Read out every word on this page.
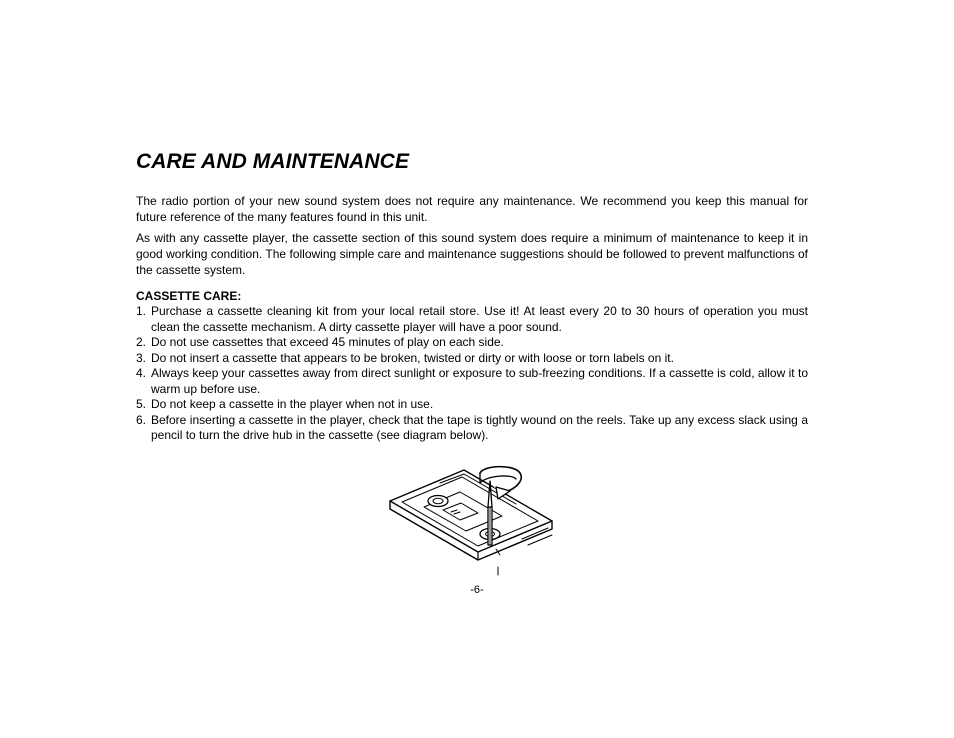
CARE AND MAINTENANCE

The radio portion of your new sound system does not require any maintenance. We recommend you keep this manual for future reference of the many features found in this unit.

As with any cassette player, the cassette section of this sound system does require a minimum of maintenance to keep it in good working condition. The following simple care and maintenance suggestions should be followed to prevent malfunctions of the cassette system.

CASSETTE CARE:
1. Purchase a cassette cleaning kit from your local retail store. Use it! At least every 20 to 30 hours of operation you must clean the cassette mechanism. A dirty cassette player will have a poor sound.
2. Do not use cassettes that exceed 45 minutes of play on each side.
3. Do not insert a cassette that appears to be broken, twisted or dirty or with loose or torn labels on it.
4. Always keep your cassettes away from direct sunlight or exposure to sub-freezing conditions. If a cassette is cold, allow it to warm up before use.
5. Do not keep a cassette in the player when not in use.
6. Before inserting a cassette in the player, check that the tape is tightly wound on the reels. Take up any excess slack using a pencil to turn the drive hub in the cassette (see diagram below).
-6-
